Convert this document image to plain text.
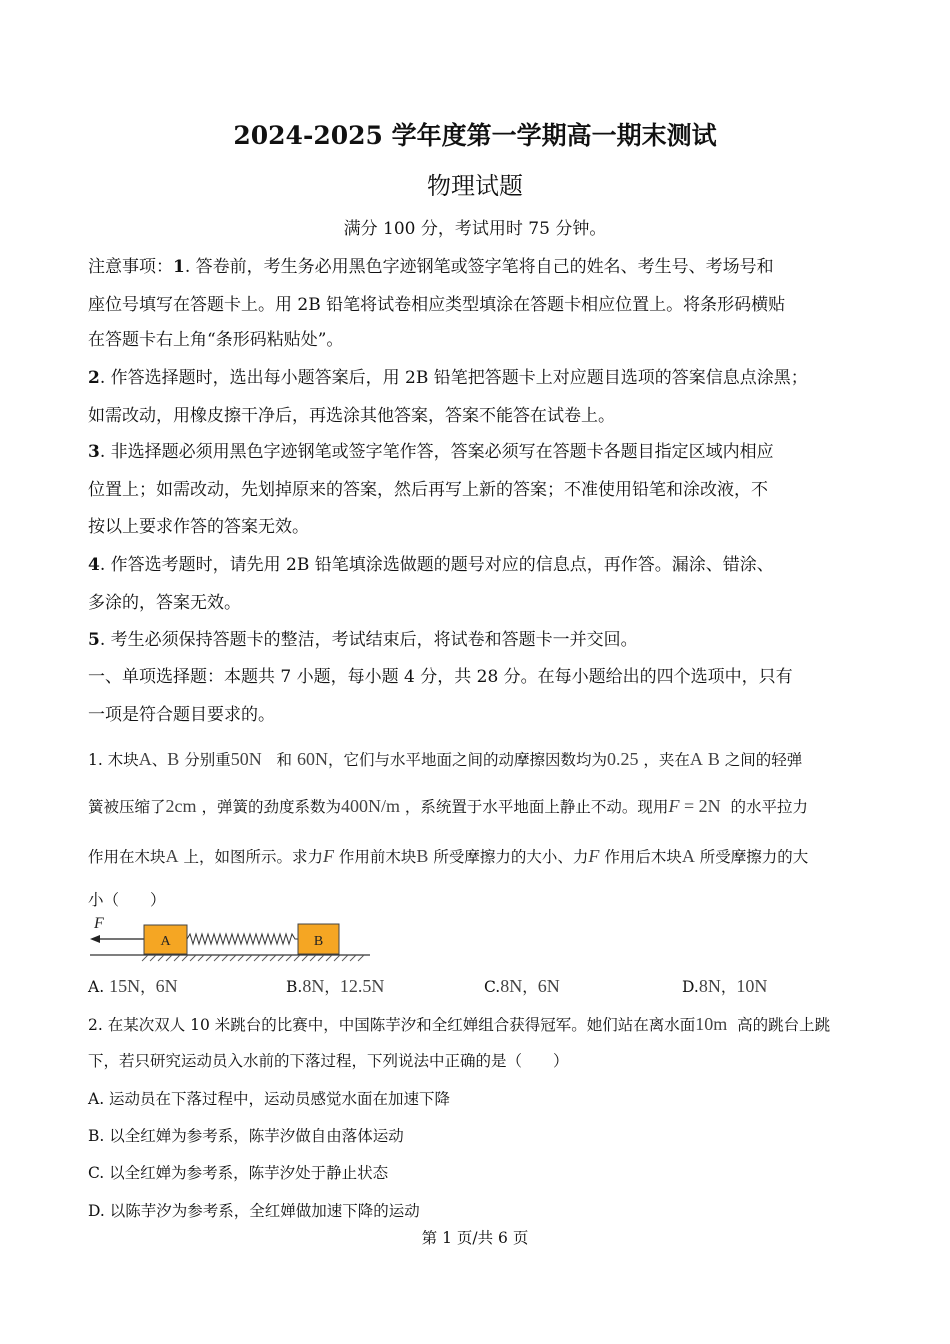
2024-2025 学年度第一学期高一期末测试
物理试题
满分 100 分，考试用时 75 分钟。
注意事项：1. 答卷前，考生务必用黑色字迹钢笔或签字笔将自己的姓名、考生号、考场号和
座位号填写在答题卡上。用 2B 铅笔将试卷相应类型填涂在答题卡相应位置上。将条形码横贴
在答题卡右上角“条形码粘贴处”。
2. 作答选择题时，选出每小题答案后，用 2B 铅笔把答题卡上对应题目选项的答案信息点涂黑；
如需改动，用橡皮擦干净后，再选涂其他答案，答案不能答在试卷上。
3. 非选择题必须用黑色字迹钢笔或签字笔作答，答案必须写在答题卡各题目指定区域内相应
位置上；如需改动，先划掉原来的答案，然后再写上新的答案；不准使用铅笔和涂改液，不
按以上要求作答的答案无效。
4. 作答选考题时，请先用 2B 铅笔填涂选做题的题号对应的信息点，再作答。漏涂、错涂、
多涂的，答案无效。
5. 考生必须保持答题卡的整洁，考试结束后，将试卷和答题卡一并交回。
一、单项选择题：本题共 7 小题，每小题 4 分，共 28 分。在每小题给出的四个选项中，只有
一项是符合题目要求的。
1. 木块A、B 分别重50N 和 60N，它们与水平地面之间的动摩擦因数均为0.25 ，夹在A B 之间的轻弹
簧被压缩了2cm ，弹簧的劲度系数为400N/m ，系统置于水平地面上静止不动。现用F = 2N 的水平拉力
作用在木块A 上，如图所示。求力F 作用前木块B 所受摩擦力的大小、力F 作用后木块A 所受摩擦力的大
小（　　）
F
A	B
A. 15N，6N	B.8N，12.5N	C.8N，6N	D.8N，10N
2. 在某次双人 10 米跳台的比赛中，中国陈芋汐和全红婵组合获得冠军。她们站在离水面10m 高的跳台上跳
下，若只研究运动员入水前的下落过程，下列说法中正确的是（　　）
A. 运动员在下落过程中，运动员感觉水面在加速下降
B. 以全红婵为参考系，陈芋汐做自由落体运动
C. 以全红婵为参考系，陈芋汐处于静止状态
D. 以陈芋汐为参考系，全红婵做加速下降的运动
第 1 页/共 6 页
